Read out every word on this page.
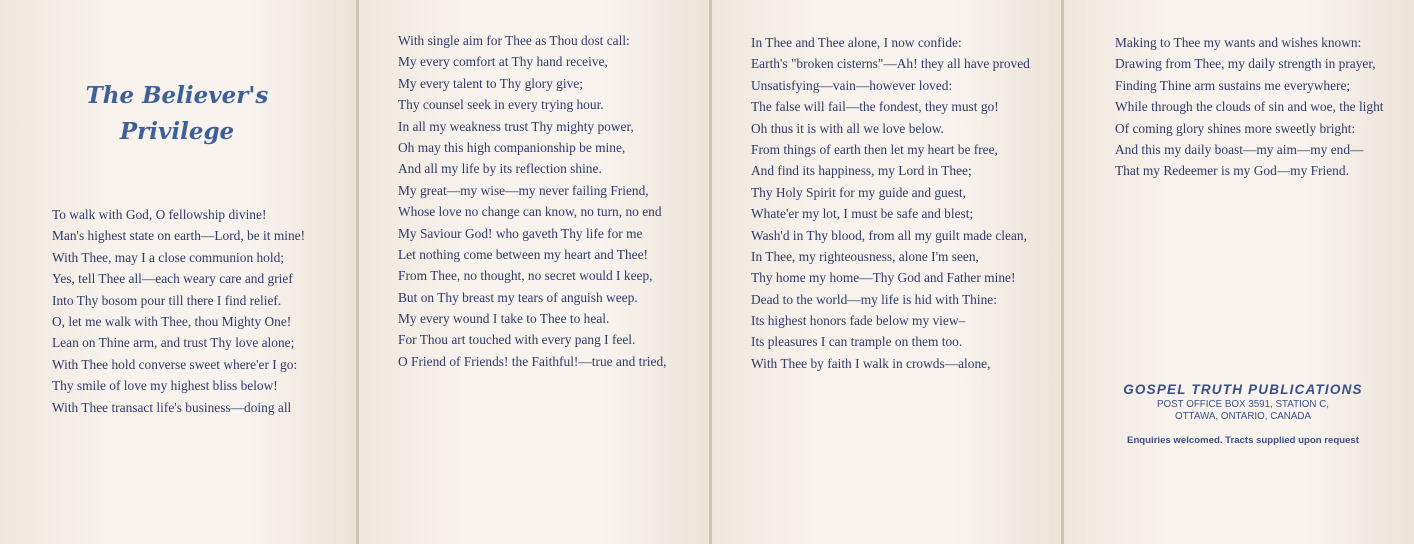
The Believer's
Privilege
To walk with God, O fellowship divine!
Man's highest state on earth—Lord, be it mine!
With Thee, may I a close communion hold;
Yes, tell Thee all—each weary care and grief
Into Thy bosom pour till there I find relief.
O, let me walk with Thee, thou Mighty One!
Lean on Thine arm, and trust Thy love alone;
With Thee hold converse sweet where'er I go:
Thy smile of love my highest bliss below!
With Thee transact life's business—doing all
With single aim for Thee as Thou dost call:
My every comfort at Thy hand receive,
My every talent to Thy glory give;
Thy counsel seek in every trying hour.
In all my weakness trust Thy mighty power,
Oh may this high companionship be mine,
And all my life by its reflection shine.
My great—my wise—my never failing Friend,
Whose love no change can know, no turn, no end
My Saviour God! who gaveth Thy life for me
Let nothing come between my heart and Thee!
From Thee, no thought, no secret would I keep,
But on Thy breast my tears of anguish weep.
My every wound I take to Thee to heal.
For Thou art touched with every pang I feel.
O Friend of Friends! the Faithful!—true and tried,
In Thee and Thee alone, I now confide:
Earth's "broken cisterns"—Ah! they all have proved
Unsatisfying—vain—however loved:
The false will fail—the fondest, they must go!
Oh thus it is with all we love below.
From things of earth then let my heart be free,
And find its happiness, my Lord in Thee;
Thy Holy Spirit for my guide and guest,
Whate'er my lot, I must be safe and blest;
Wash'd in Thy blood, from all my guilt made clean,
In Thee, my righteousness, alone I'm seen,
Thy home my home—Thy God and Father mine!
Dead to the world—my life is hid with Thine:
Its highest honors fade below my view–
Its pleasures I can trample on them too.
With Thee by faith I walk in crowds—alone,
Making to Thee my wants and wishes known:
Drawing from Thee, my daily strength in prayer,
Finding Thine arm sustains me everywhere;
While through the clouds of sin and woe, the light
Of coming glory shines more sweetly bright:
And this my daily boast—my aim—my end—
That my Redeemer is my God—my Friend.
GOSPEL TRUTH PUBLICATIONS
POST OFFICE BOX 3591, STATION C,
OTTAWA, ONTARIO, CANADA
Enquiries welcomed. Tracts supplied upon request
